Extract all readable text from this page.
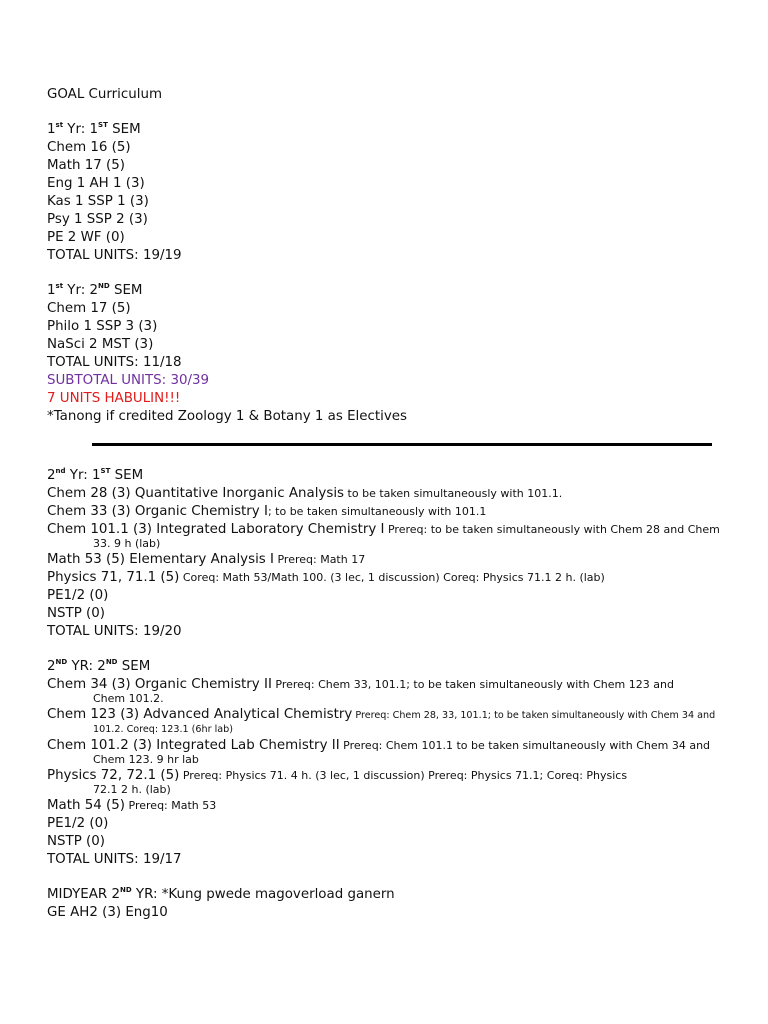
GOAL Curriculum
1st Yr: 1ST SEM
Chem 16 (5)
Math 17 (5)
Eng 1 AH 1 (3)
Kas 1 SSP 1 (3)
Psy 1 SSP 2 (3)
PE 2 WF (0)
TOTAL UNITS: 19/19
1st Yr: 2ND SEM
Chem 17 (5)
Philo 1 SSP 3 (3)
NaSci 2 MST (3)
TOTAL UNITS: 11/18
SUBTOTAL UNITS: 30/39
7 UNITS HABULIN!!!
*Tanong if credited Zoology 1 & Botany 1 as Electives
2nd Yr: 1ST SEM
Chem 28 (3) Quantitative Inorganic Analysis to be taken simultaneously with 101.1.
Chem 33 (3) Organic Chemistry I; to be taken simultaneously with 101.1
Chem 101.1 (3) Integrated Laboratory Chemistry I Prereq: to be taken simultaneously with Chem 28 and Chem
33. 9 h (lab)
Math 53 (5) Elementary Analysis I Prereq: Math 17
Physics 71, 71.1 (5) Coreq: Math 53/Math 100. (3 lec, 1 discussion) Coreq: Physics 71.1 2 h. (lab)
PE1/2 (0)
NSTP (0)
TOTAL UNITS: 19/20
2ND YR: 2ND SEM
Chem 34 (3) Organic Chemistry II Prereq: Chem 33, 101.1; to be taken simultaneously with Chem 123 and
Chem 101.2.
Chem 123 (3) Advanced Analytical Chemistry Prereq: Chem 28, 33, 101.1; to be taken simultaneously with Chem 34 and
101.2. Coreq: 123.1 (6hr lab)
Chem 101.2 (3) Integrated Lab Chemistry II Prereq: Chem 101.1 to be taken simultaneously with Chem 34 and
Chem 123. 9 hr lab
Physics 72, 72.1 (5) Prereq: Physics 71. 4 h. (3 lec, 1 discussion) Prereq: Physics 71.1; Coreq: Physics
72.1 2 h. (lab)
Math 54 (5) Prereq: Math 53
PE1/2 (0)
NSTP (0)
TOTAL UNITS: 19/17
MIDYEAR 2ND YR: *Kung pwede magoverload ganern
GE AH2 (3) Eng10
